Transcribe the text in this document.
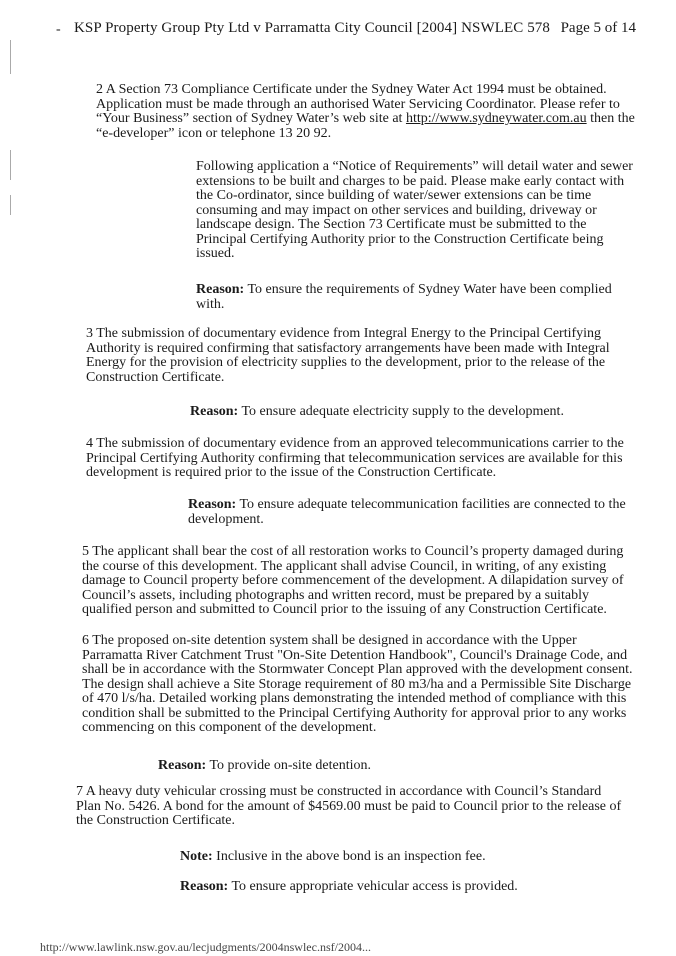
- KSP Property Group Pty Ltd v Parramatta City Council [2004] NSWLEC 578 Page 5 of 14

2 A Section 73 Compliance Certificate under the Sydney Water Act 1994 must be obtained. Application must be made through an authorised Water Servicing Coordinator. Please refer to “Your Business” section of Sydney Water’s web site at http://www.sydneywater.com.au then the “e-developer” icon or telephone 13 20 92.

Following application a “Notice of Requirements” will detail water and sewer extensions to be built and charges to be paid. Please make early contact with the Co-ordinator, since building of water/sewer extensions can be time consuming and may impact on other services and building, driveway or landscape design. The Section 73 Certificate must be submitted to the Principal Certifying Authority prior to the Construction Certificate being issued.

Reason: To ensure the requirements of Sydney Water have been complied with.

3 The submission of documentary evidence from Integral Energy to the Principal Certifying Authority is required confirming that satisfactory arrangements have been made with Integral Energy for the provision of electricity supplies to the development, prior to the release of the Construction Certificate.

Reason: To ensure adequate electricity supply to the development.

4 The submission of documentary evidence from an approved telecommunications carrier to the Principal Certifying Authority confirming that telecommunication services are available for this development is required prior to the issue of the Construction Certificate.

Reason: To ensure adequate telecommunication facilities are connected to the development.

5 The applicant shall bear the cost of all restoration works to Council’s property damaged during the course of this development. The applicant shall advise Council, in writing, of any existing damage to Council property before commencement of the development. A dilapidation survey of Council’s assets, including photographs and written record, must be prepared by a suitably qualified person and submitted to Council prior to the issuing of any Construction Certificate.

6 The proposed on-site detention system shall be designed in accordance with the Upper Parramatta River Catchment Trust "On-Site Detention Handbook", Council's Drainage Code, and shall be in accordance with the Stormwater Concept Plan approved with the development consent. The design shall achieve a Site Storage requirement of 80 m3/ha and a Permissible Site Discharge of 470 l/s/ha. Detailed working plans demonstrating the intended method of compliance with this condition shall be submitted to the Principal Certifying Authority for approval prior to any works commencing on this component of the development.

Reason: To provide on-site detention.

7 A heavy duty vehicular crossing must be constructed in accordance with Council’s Standard Plan No. 5426. A bond for the amount of $4569.00 must be paid to Council prior to the release of the Construction Certificate.

Note: Inclusive in the above bond is an inspection fee.

Reason: To ensure appropriate vehicular access is provided.

http://www.lawlink.nsw.gov.au/lecjudgments/2004nswlec.nsf/2004...
